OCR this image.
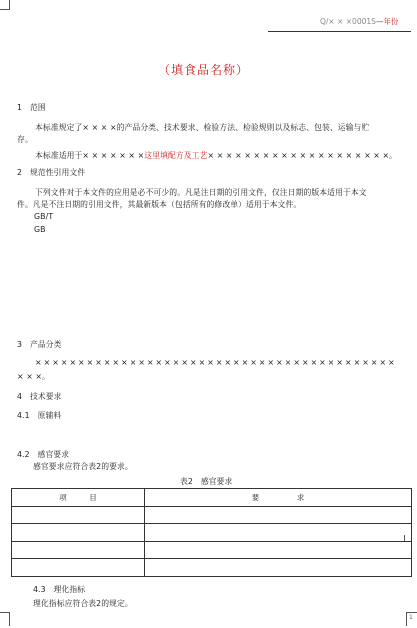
Q/× × ×0001S—年份
（填食品名称）
1　范围
本标准规定了× × × ×的产品分类、技术要求、检验方法、检验规则以及标志、包装、运输与贮
存。
本标准适用于× × × × × × ×这里填配方及工艺× × × × × × × × × × × × × × × × × × × ×。
2　规范性引用文件
下列文件对于本文件的应用是必不可少的。凡是注日期的引用文件，仅注日期的版本适用于本文
件。凡是不注日期的引用文件，其最新版本（包括所有的修改单）适用于本文件。
GB/T
GB
3　产品分类
× × × × × × × × × × × × × × × × × × × × × × × × × × × × × × × × × × × × × × × × × ×
× × ×。
4　技术要求
4.1　原辅料
4.2　感官要求
感官要求应符合表2的要求。
表2　感官要求
项　　　目	要　　　　　求

4.3　理化指标
理化指标应符合表2的规定。
1
